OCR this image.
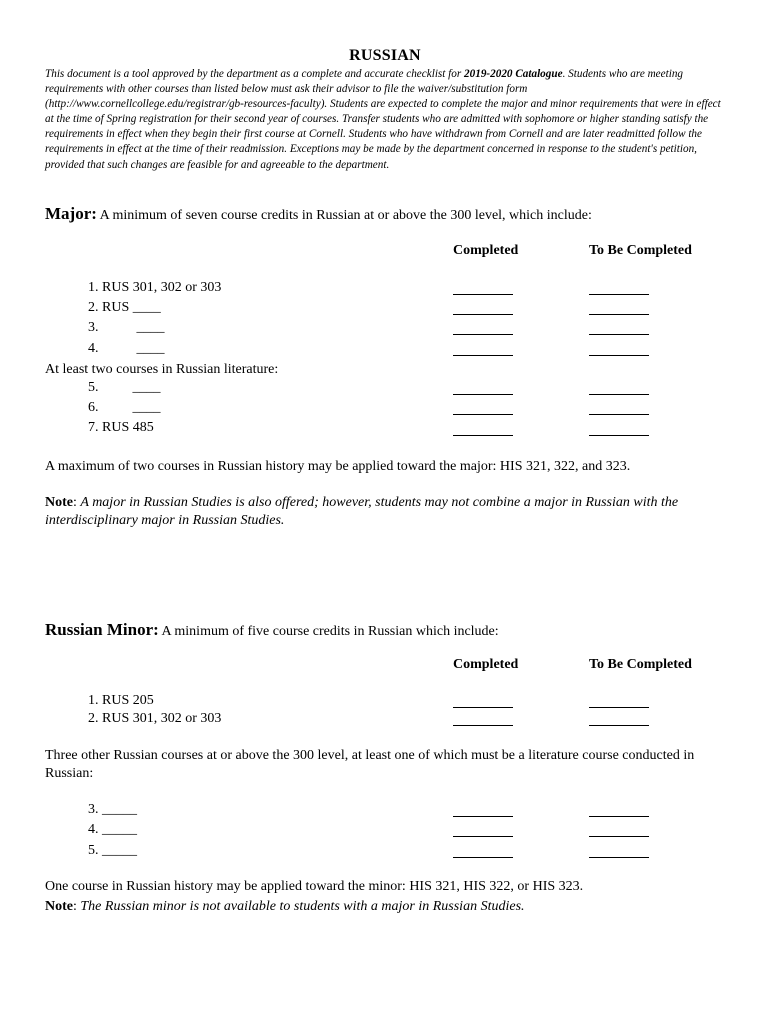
RUSSIAN
This document is a tool approved by the department as a complete and accurate checklist for 2019-2020 Catalogue. Students who are meeting requirements with other courses than listed below must ask their advisor to file the waiver/substitution form (http://www.cornellcollege.edu/registrar/gb-resources-faculty). Students are expected to complete the major and minor requirements that were in effect at the time of Spring registration for their second year of courses. Transfer students who are admitted with sophomore or higher standing satisfy the requirements in effect when they begin their first course at Cornell. Students who have withdrawn from Cornell and are later readmitted follow the requirements in effect at the time of their readmission. Exceptions may be made by the department concerned in response to the student's petition, provided that such changes are feasible for and agreeable to the department.
Major: A minimum of seven course credits in Russian at or above the 300 level, which include:
Completed	To Be Completed
1. RUS 301, 302 or 303
2. RUS ____
3.	____
4.	____
At least two courses in Russian literature:
5. ____
6. ____
7. RUS 485
A maximum of two courses in Russian history may be applied toward the major: HIS 321, 322, and 323.
Note: A major in Russian Studies is also offered; however, students may not combine a major in Russian with the interdisciplinary major in Russian Studies.
Russian Minor: A minimum of five course credits in Russian which include:
Completed	To Be Completed
1. RUS 205
2. RUS 301, 302 or 303
Three other Russian courses at or above the 300 level, at least one of which must be a literature course conducted in Russian:
3. _____
4. _____
5. _____
One course in Russian history may be applied toward the minor: HIS 321, HIS 322, or HIS 323.
Note: The Russian minor is not available to students with a major in Russian Studies.
